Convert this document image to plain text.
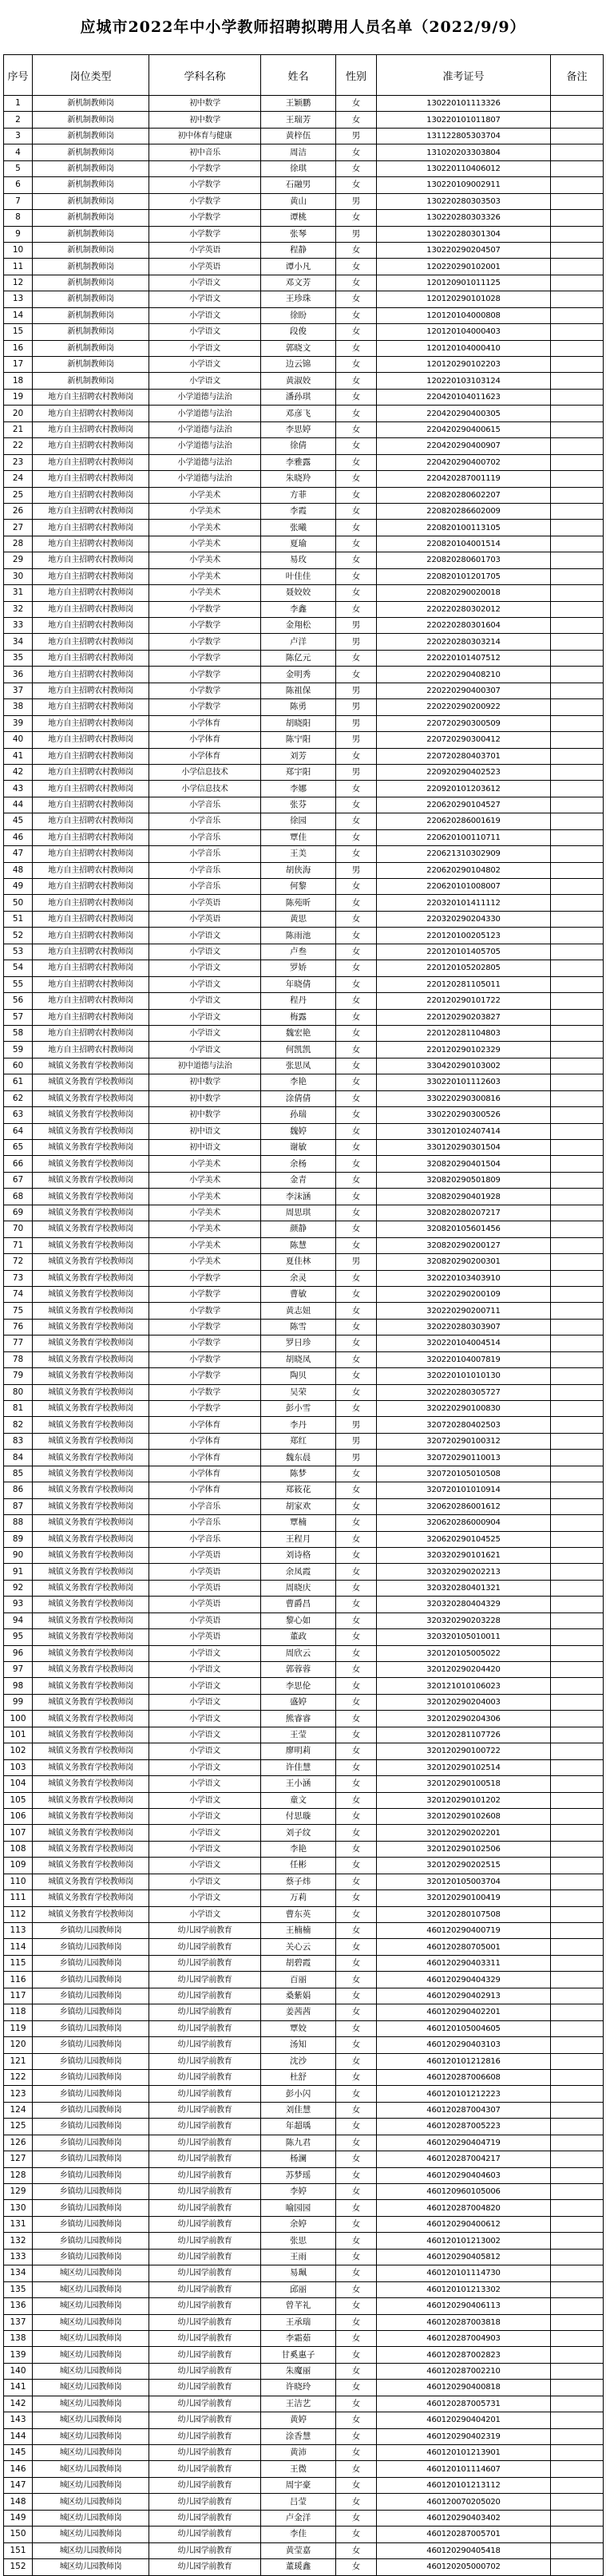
应城市2022年中小学教师招聘拟聘用人员名单（2022/9/9）
序号	岗位类型	学科名称	姓名	性别	准考证号	备注
1	新机制教师岗	初中数学	王颖鹏	女	130220101113326	
2	新机制教师岗	初中数学	王瑞芳	女	130220101011807	
3	新机制教师岗	初中体育与健康	黄梓伍	男	131122805303704	
4	新机制教师岗	初中音乐	周洁	女	131020203303804	
5	新机制教师岗	小学数学	徐琪	女	130220110406012	
6	新机制教师岗	小学数学	石融男	女	130220109002911	
7	新机制教师岗	小学数学	黄山	男	130220280303503	
8	新机制教师岗	小学数学	谭桃	女	130220280303326	
9	新机制教师岗	小学数学	张琴	男	130220280301304	
10	新机制教师岗	小学英语	程静	女	130220290204507	
11	新机制教师岗	小学英语	谭小凡	女	120220290102001	
12	新机制教师岗	小学语文	邓文芳	女	120120901011125	
13	新机制教师岗	小学语文	王珍珠	女	120120290101028	
14	新机制教师岗	小学语文	徐盼	女	120120104000808	
15	新机制教师岗	小学语文	段俊	女	120120104000403	
16	新机制教师岗	小学语文	郭晓文	女	120120104000410	
17	新机制教师岗	小学语文	边云锦	女	120120290102203	
18	新机制教师岗	小学语文	黄淑姣	女	120220103103124	
19	地方自主招聘农村教师岗	小学道德与法治	潘孙琪	女	220420104011623	
20	地方自主招聘农村教师岗	小学道德与法治	邓彦飞	女	220420290400305	
21	地方自主招聘农村教师岗	小学道德与法治	李思婷	女	220420290400615	
22	地方自主招聘农村教师岗	小学道德与法治	徐倩	女	220420290400907	
23	地方自主招聘农村教师岗	小学道德与法治	李雅露	女	220420290400702	
24	地方自主招聘农村教师岗	小学道德与法治	朱晓羚	女	220420287001119	
25	地方自主招聘农村教师岗	小学美术	方菲	女	220820280602207	
26	地方自主招聘农村教师岗	小学美术	李霞	女	220820286602009	
27	地方自主招聘农村教师岗	小学美术	张曦	女	220820100113105	
28	地方自主招聘农村教师岗	小学美术	夏瑜	女	220820104001514	
29	地方自主招聘农村教师岗	小学美术	易玫	女	220820280601703	
30	地方自主招聘农村教师岗	小学美术	叶佳佳	女	220820101201705	
31	地方自主招聘农村教师岗	小学美术	聂姣姣	女	220820290020018	
32	地方自主招聘农村教师岗	小学数学	李鑫	女	220220280302012	
33	地方自主招聘农村教师岗	小学数学	金翔松	男	220220280301604	
34	地方自主招聘农村教师岗	小学数学	卢洋	男	220220280303214	
35	地方自主招聘农村教师岗	小学数学	陈亿元	女	220220101407512	
36	地方自主招聘农村教师岗	小学数学	金明秀	女	220220290408210	
37	地方自主招聘农村教师岗	小学数学	陈祖保	男	220220290400307	
38	地方自主招聘农村教师岗	小学数学	陈勇	男	220220290200922	
39	地方自主招聘农村教师岗	小学体育	胡晓阳	男	220720290300509	
40	地方自主招聘农村教师岗	小学体育	陈宁阳	男	220720290300412	
41	地方自主招聘农村教师岗	小学体育	刘芳	女	220720280403701	
42	地方自主招聘农村教师岗	小学信息技术	郑宇阳	男	220920290402523	
43	地方自主招聘农村教师岗	小学信息技术	李娜	女	220920101203612	
44	地方自主招聘农村教师岗	小学音乐	张芬	女	220620290104527	
45	地方自主招聘农村教师岗	小学音乐	徐园	女	220620286001619	
46	地方自主招聘农村教师岗	小学音乐	覃佳	女	220620100110711	
47	地方自主招聘农村教师岗	小学音乐	王美	女	220621310302909	
48	地方自主招聘农村教师岗	小学音乐	胡侠海	男	220620290104802	
49	地方自主招聘农村教师岗	小学音乐	何黎	女	220620101008007	
50	地方自主招聘农村教师岗	小学英语	陈苑昕	女	220320101411112	
51	地方自主招聘农村教师岗	小学英语	黄思	女	220320290204330	
52	地方自主招聘农村教师岗	小学语文	陈雨池	女	220120100205123	
53	地方自主招聘农村教师岗	小学语文	卢叁	女	220120101405705	
54	地方自主招聘农村教师岗	小学语文	罗娇	女	220120105202805	
55	地方自主招聘农村教师岗	小学语文	年晓倩	女	220120281105011	
56	地方自主招聘农村教师岗	小学语文	程丹	女	220120290101722	
57	地方自主招聘农村教师岗	小学语文	梅露	女	220120290203827	
58	地方自主招聘农村教师岗	小学语文	魏宏艳	女	220120281104803	
59	地方自主招聘农村教师岗	小学语文	何凯凯	女	220120290102329	
60	城镇义务教育学校教师岗	初中道德与法治	张思凤	女	330420290103002	
61	城镇义务教育学校教师岗	初中数学	李艳	女	330220101112603	
62	城镇义务教育学校教师岗	初中数学	涂倩倩	女	330220290300816	
63	城镇义务教育学校教师岗	初中数学	孙瑞	女	330220290300526	
64	城镇义务教育学校教师岗	初中语文	魏婷	女	330120102407414	
65	城镇义务教育学校教师岗	初中语文	谢敏	女	330120290301504	
66	城镇义务教育学校教师岗	小学美术	余杨	女	320820290401504	
67	城镇义务教育学校教师岗	小学美术	金青	女	320820290501809	
68	城镇义务教育学校教师岗	小学美术	李沫涵	女	320820290401928	
69	城镇义务教育学校教师岗	小学美术	周思琪	女	320820280207217	
70	城镇义务教育学校教师岗	小学美术	颜静	女	320820105601456	
71	城镇义务教育学校教师岗	小学美术	陈慧	女	320820290200127	
72	城镇义务教育学校教师岗	小学美术	夏佳林	男	320820290200301	
73	城镇义务教育学校教师岗	小学数学	余灵	女	320220103403910	
74	城镇义务教育学校教师岗	小学数学	曹敏	女	320220290200109	
75	城镇义务教育学校教师岗	小学数学	黄志妞	女	320220290200711	
76	城镇义务教育学校教师岗	小学数学	陈雪	女	320220280303907	
77	城镇义务教育学校教师岗	小学数学	罗日珍	女	320220104004514	
78	城镇义务教育学校教师岗	小学数学	胡晓凤	女	320220104007819	
79	城镇义务教育学校教师岗	小学数学	陶贝	女	320220101010130	
80	城镇义务教育学校教师岗	小学数学	吴荣	女	320220280305727	
81	城镇义务教育学校教师岗	小学数学	彭小雪	女	320220290100830	
82	城镇义务教育学校教师岗	小学体育	李丹	男	320720280402503	
83	城镇义务教育学校教师岗	小学体育	郑红	男	320720290100312	
84	城镇义务教育学校教师岗	小学体育	魏东晨	男	320720290110013	
85	城镇义务教育学校教师岗	小学体育	陈梦	女	320720105010508	
86	城镇义务教育学校教师岗	小学体育	郑筱花	女	320720101010914	
87	城镇义务教育学校教师岗	小学音乐	胡家欢	女	320620286001612	
88	城镇义务教育学校教师岗	小学音乐	覃楠	女	320620286000904	
89	城镇义务教育学校教师岗	小学音乐	王程月	女	320620290104525	
90	城镇义务教育学校教师岗	小学英语	刘诗格	女	320320290101621	
91	城镇义务教育学校教师岗	小学英语	余凤霞	女	320320290202213	
92	城镇义务教育学校教师岗	小学英语	周晓庆	女	320320280401321	
93	城镇义务教育学校教师岗	小学英语	曹爵昌	女	320320280404329	
94	城镇义务教育学校教师岗	小学英语	黎心如	女	320320290203228	
95	城镇义务教育学校教师岗	小学英语	董政	女	320320105010011	
96	城镇义务教育学校教师岗	小学语文	周欣云	女	320120105005022	
97	城镇义务教育学校教师岗	小学语文	郭蓉蓉	女	320120290204420	
98	城镇义务教育学校教师岗	小学语文	李思伦	女	320121010106023	
99	城镇义务教育学校教师岗	小学语文	盛婷	女	320120290204003	
100	城镇义务教育学校教师岗	小学语文	熊睿睿	女	320120290204306	
101	城镇义务教育学校教师岗	小学语文	王莹	女	320120281107726	
102	城镇义务教育学校教师岗	小学语文	廖明莉	女	320120290100722	
103	城镇义务教育学校教师岗	小学语文	许佳慧	女	320120290102514	
104	城镇义务教育学校教师岗	小学语文	王小涵	女	320120290100518	
105	城镇义务教育学校教师岗	小学语文	童文	女	320120290101202	
106	城镇义务教育学校教师岗	小学语文	付思璇	女	320120290102608	
107	城镇义务教育学校教师岗	小学语文	刘子纹	女	320120290202201	
108	城镇义务教育学校教师岗	小学语文	李艳	女	320120290102506	
109	城镇义务教育学校教师岗	小学语文	任彬	女	320120290202515	
110	城镇义务教育学校教师岗	小学语文	蔡子炜	女	320120105003704	
111	城镇义务教育学校教师岗	小学语文	万莉	女	320120290100419	
112	城镇义务教育学校教师岗	小学语文	曹东英	女	320120280107508	
113	乡镇幼儿园教师岗	幼儿园学前教育	王楠楠	女	460120290400719	
114	乡镇幼儿园教师岗	幼儿园学前教育	关心云	女	460120280705001	
115	乡镇幼儿园教师岗	幼儿园学前教育	胡碧霞	女	460120290403311	
116	乡镇幼儿园教师岗	幼儿园学前教育	百丽	女	460120290404329	
117	乡镇幼儿园教师岗	幼儿园学前教育	桑紫娟	女	460120290402913	
118	乡镇幼儿园教师岗	幼儿园学前教育	姜茜茜	女	460120290402201	
119	乡镇幼儿园教师岗	幼儿园学前教育	覃姣	女	460120105004605	
120	乡镇幼儿园教师岗	幼儿园学前教育	汤知	女	460120290403103	
121	乡镇幼儿园教师岗	幼儿园学前教育	沈沙	女	460120101212816	
122	乡镇幼儿园教师岗	幼儿园学前教育	杜舒	女	460120287006608	
123	乡镇幼儿园教师岗	幼儿园学前教育	彭小闪	女	460120101212223	
124	乡镇幼儿园教师岗	幼儿园学前教育	刘佳慧	女	460120287004307	
125	乡镇幼儿园教师岗	幼儿园学前教育	年超瑀	女	460120287005223	
126	乡镇幼儿园教师岗	幼儿园学前教育	陈九君	女	460120290404719	
127	乡镇幼儿园教师岗	幼儿园学前教育	杨澜	女	460120287004217	
128	乡镇幼儿园教师岗	幼儿园学前教育	苏梦瑶	女	460120290404603	
129	乡镇幼儿园教师岗	幼儿园学前教育	李婷	女	460120960105006	
130	乡镇幼儿园教师岗	幼儿园学前教育	喻园园	女	460120287004820	
131	乡镇幼儿园教师岗	幼儿园学前教育	余婷	女	460120290400612	
132	乡镇幼儿园教师岗	幼儿园学前教育	张思	女	460120101213002	
133	乡镇幼儿园教师岗	幼儿园学前教育	王雨	女	460120290405812	
134	城区幼儿园教师岗	幼儿园学前教育	易珮	女	460120101114730	
135	城区幼儿园教师岗	幼儿园学前教育	邱丽	女	460120101213302	
136	城区幼儿园教师岗	幼儿园学前教育	曾芊礼	女	460120290406113	
137	城区幼儿园教师岗	幼儿园学前教育	王承瑞	女	460120287003818	
138	城区幼儿园教师岗	幼儿园学前教育	李霜茹	女	460120287004903	
139	城区幼儿园教师岗	幼儿园学前教育	甘奚惠子	女	460120287002823	
140	城区幼儿园教师岗	幼儿园学前教育	朱魔丽	女	460120287002210	
141	城区幼儿园教师岗	幼儿园学前教育	许晓玲	女	460120290400818	
142	城区幼儿园教师岗	幼儿园学前教育	王洁艺	女	460120287005731	
143	城区幼儿园教师岗	幼儿园学前教育	黄婷	女	460120290404201	
144	城区幼儿园教师岗	幼儿园学前教育	涂香慧	女	460120290402319	
145	城区幼儿园教师岗	幼儿园学前教育	黄沛	女	460120101213901	
146	城区幼儿园教师岗	幼儿园学前教育	王微	女	460120101114607	
147	城区幼儿园教师岗	幼儿园学前教育	周宇豪	女	460120101213112	
148	城区幼儿园教师岗	幼儿园学前教育	吕莹	女	460120070205020	
149	城区幼儿园教师岗	幼儿园学前教育	卢金洋	女	460120290403402	
150	城区幼儿园教师岗	幼儿园学前教育	李佳	女	460120287005701	
151	城区幼儿园教师岗	幼儿园学前教育	黄莹嘉	女	460120290405418	
152	城区幼儿园教师岗	幼儿园学前教育	董瑗鑫	女	460120205000702	
